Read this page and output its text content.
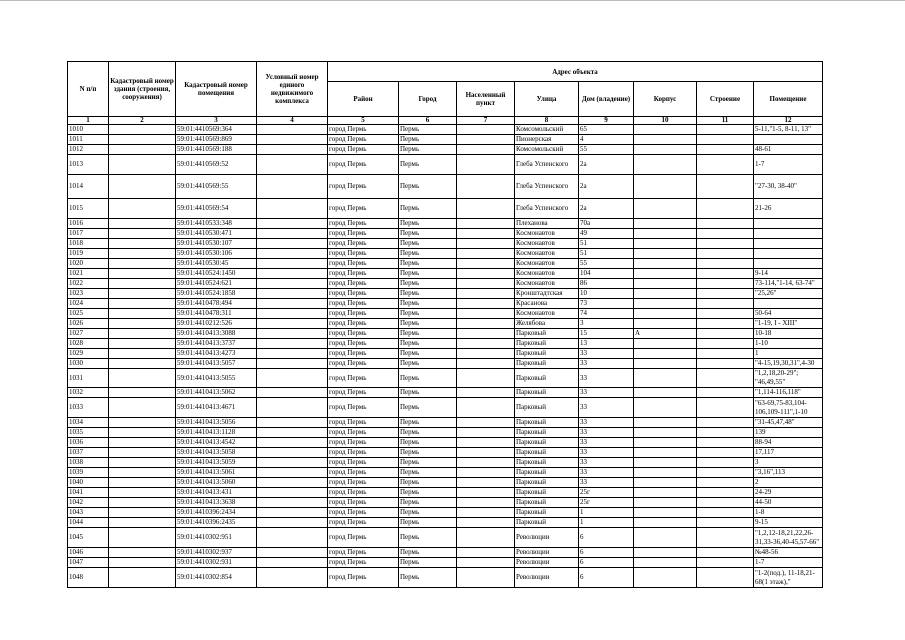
N п/п	Кадастровый номер здания (строения, сооружения)	Кадастровый номер помещения	Условный номер единого недвижимого комплекса	Адрес объекта							
				Район	Город	Населенный пункт	Улица	Дом (владение)	Корпус	Строение	Помещение
1	2	3	4	5	6	7	8	9	10	11	12
1010		59:01:4410569:364		город Пермь	Пермь		Комсомольский	65			5-11,"1-5, 8-11, 13"
1011		59:01:4410569:869		город Пермь	Пермь		Пионерская	4			
1012		59:01:4410569:188		город Пермь	Пермь		Комсомольский	55			48-61
1013		59:01:4410569:52		город Пермь	Пермь		Глеба Успенского	2а			1-7
1014		59:01:4410569:55		город Пермь	Пермь		Глеба Успенского	2а			"27-30, 38-40"
1015		59:01:4410569:54		город Пермь	Пермь		Глеба Успенского	2а			21-26
1016		59:01:4410533:348		город Пермь	Пермь		Плеханова	70а			
1017		59:01:4410530:471		город Пермь	Пермь		Космонавтов	49			
1018		59:01:4410530:107		город Пермь	Пермь		Космонавтов	51			
1019		59:01:4410530:106		город Пермь	Пермь		Космонавтов	51			
1020		59:01:4410530:45		город Пермь	Пермь		Космонавтов	55			
1021		59:01:4410524:1450		город Пермь	Пермь		Космонавтов	104			9-14
1022		59:01:4410524:621		город Пермь	Пермь		Космонавтов	86			73-114,"1-14, 63-74"
1023		59:01:4410524:1858		город Пермь	Пермь		Кронштадтская	10			"25,26"
1024		59:01:4410478:494		город Пермь	Пермь		Красанова	73			
1025		59:01:4410478:311		город Пермь	Пермь		Космонавтов	74			50-64
1026		59:01:4410212:526		город Пермь	Пермь		Желябова	3			"1-19, I - XIII"
1027		59:01:4410413:3088		город Пермь	Пермь		Парковый	15	А		10-18
1028		59:01:4410413:3737		город Пермь	Пермь		Парковый	13			1-10
1029		59:01:4410413:4273		город Пермь	Пермь		Парковый	33			1
1030		59:01:4410413:5057		город Пермь	Пермь		Парковый	33			"4-15,19,30,31",4-30
1031		59:01:4410413:5055		город Пермь	Пермь		Парковый	33			"1,2,18,20-29"; "46,49,55"
1032		59:01:4410413:5062		город Пермь	Пермь		Парковый	33			"1,114-116,118"
1033		59:01:4410413:4671		город Пермь	Пермь		Парковый	33			"63-69,75-83,104-106,109-111",1-10
1034		59:01:4410413:5056		город Пермь	Пермь		Парковый	33			"31-45,47,48"
1035		59:01:4410413:1128		город Пермь	Пермь		Парковый	33			139
1036		59:01:4410413:4542		город Пермь	Пермь		Парковый	33			88-94
1037		59:01:4410413:5058		город Пермь	Пермь		Парковый	33			17,117
1038		59:01:4410413:5059		город Пермь	Пермь		Парковый	33			3
1039		59:01:4410413:5061		город Пермь	Пермь		Парковый	33			"3,16",113
1040		59:01:4410413:5060		город Пермь	Пермь		Парковый	33			2
1041		59:01:4410413:431		город Пермь	Пермь		Парковый	25г			24-29
1042		59:01:4410413:3638		город Пермь	Пермь		Парковый	25г			44-50
1043		59:01:4410396:2434		город Пермь	Пермь		Парковый	1			1-8
1044		59:01:4410396:2435		город Пермь	Пермь		Парковый	1			9-15
1045		59:01:4410302:951		город Пермь	Пермь		Революции	6			"1,2,12-18,21,22,26-31,33-36,40-45,57-66"
1046		59:01:4410302:937		город Пермь	Пермь		Революции	6			№48-56
1047		59:01:4410302:931		город Пермь	Пермь		Революции	6			1-7
1048		59:01:4410302:854		город Пермь	Пермь		Революции	6			"1-2(под.), 11-18,21-68(1 этаж),"
